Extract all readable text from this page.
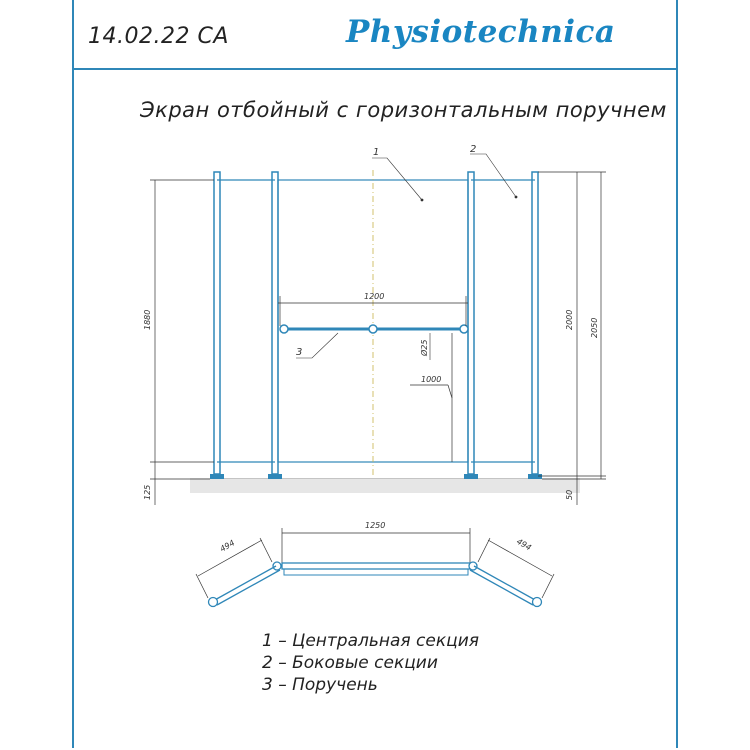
14.02.22 CA	Physiotechnica
Экран отбойный с горизонтальным поручнем
1200
1880
125
2000 2050
50
1000
Ø25
1	2
3
1250
494	494
1 – Центральная секция
2 – Боковые секции
3 – Поручень
